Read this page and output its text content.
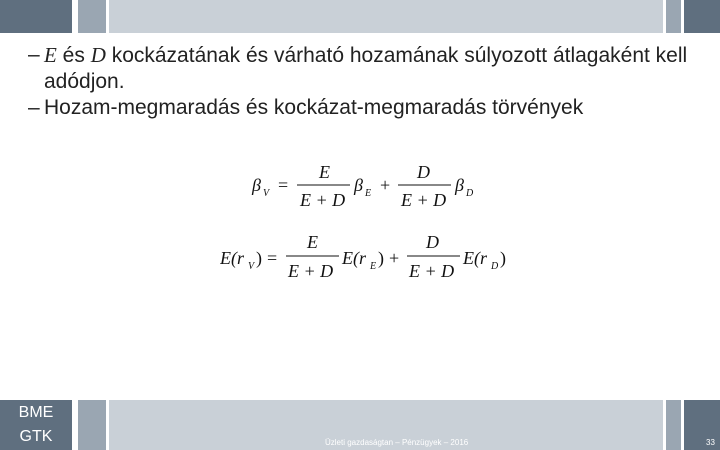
– E és D kockázatának és várható hozamának súlyozott átlagaként kell adódjon.
– Hozam-megmaradás és kockázat-megmaradás törvények
β V =
E
E + D
β E +
D
E + D
β D
E(r V ) =
E
E + D
E(r E ) +
D
E + D
E(r D )
BME
GTK	Üzleti gazdaságtan – Pénzügyek – 2016	33
